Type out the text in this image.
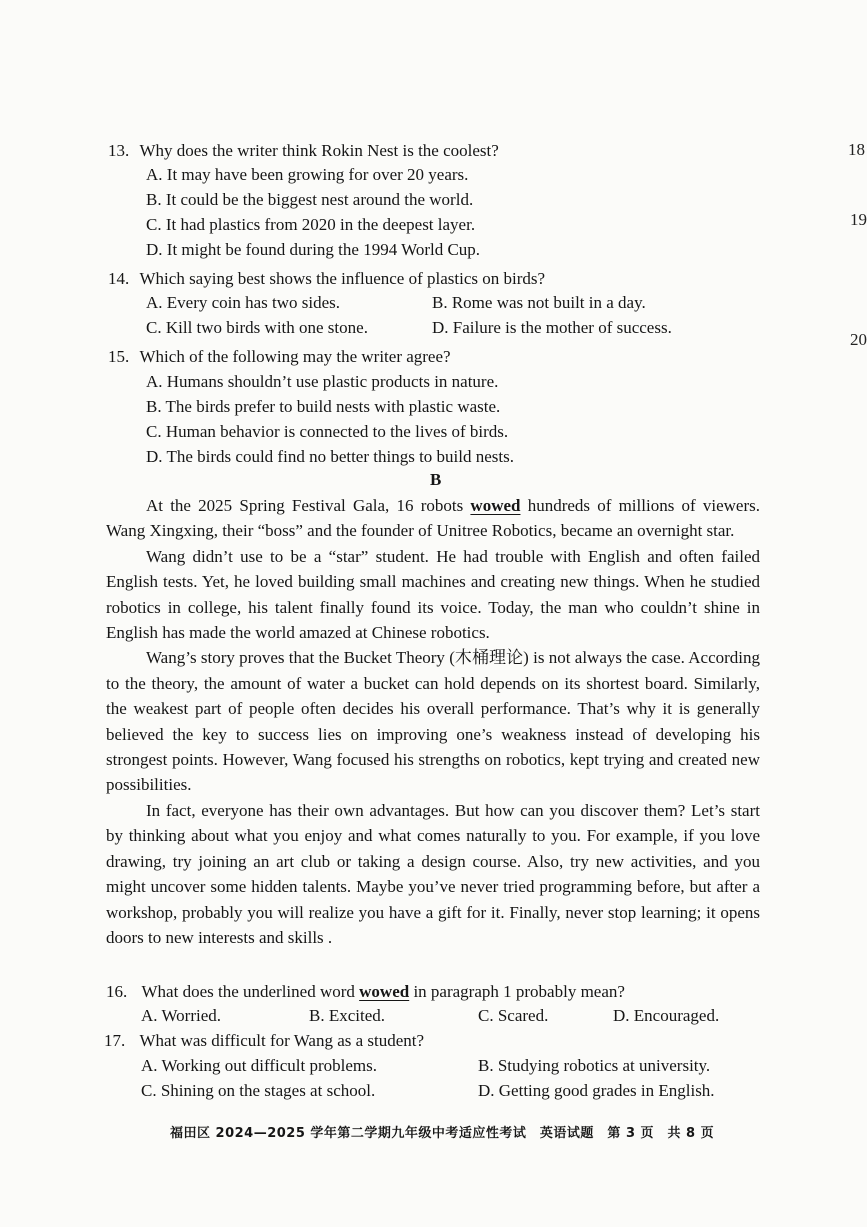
18
19
20
13. Why does the writer think Rokin Nest is the coolest?
A. It may have been growing for over 20 years.
B. It could be the biggest nest around the world.
C. It had plastics from 2020 in the deepest layer.
D. It might be found during the 1994 World Cup.
14. Which saying best shows the influence of plastics on birds?
A. Every coin has two sides.	B. Rome was not built in a day.
C. Kill two birds with one stone.	D. Failure is the mother of success.
15. Which of the following may the writer agree?
A. Humans shouldn’t use plastic products in nature.
B. The birds prefer to build nests with plastic waste.
C. Human behavior is connected to the lives of birds.
D. The birds could find no better things to build nests.
B

At the 2025 Spring Festival Gala, 16 robots wowed hundreds of millions of viewers. Wang Xingxing, their “boss” and the founder of Unitree Robotics, became an overnight star.

Wang didn’t use to be a “star” student. He had trouble with English and often failed English tests. Yet, he loved building small machines and creating new things. When he studied robotics in college, his talent finally found its voice. Today, the man who couldn’t shine in English has made the world amazed at Chinese robotics.

Wang’s story proves that the Bucket Theory (木桶理论) is not always the case. According to the theory, the amount of water a bucket can hold depends on its shortest board. Similarly, the weakest part of people often decides his overall performance. That’s why it is generally believed the key to success lies on improving one’s weakness instead of developing his strongest points. However, Wang focused his strengths on robotics, kept trying and created new possibilities.

In fact, everyone has their own advantages. But how can you discover them? Let’s start by thinking about what you enjoy and what comes naturally to you. For example, if you love drawing, try joining an art club or taking a design course. Also, try new activities, and you might uncover some hidden talents. Maybe you’ve never tried programming before, but after a workshop, probably you will realize you have a gift for it. Finally, never stop learning; it opens doors to new interests and skills .

16. What does the underlined word wowed in paragraph 1 probably mean?
A. Worried.	B. Excited.	C. Scared.	D. Encouraged.
17. What was difficult for Wang as a student?
A. Working out difficult problems.	B. Studying robotics at university.
C. Shining on the stages at school.	D. Getting good grades in English.
福田区 2024—2025 学年第二学期九年级中考适应性考试　英语试题　第 3 页　共 8 页
